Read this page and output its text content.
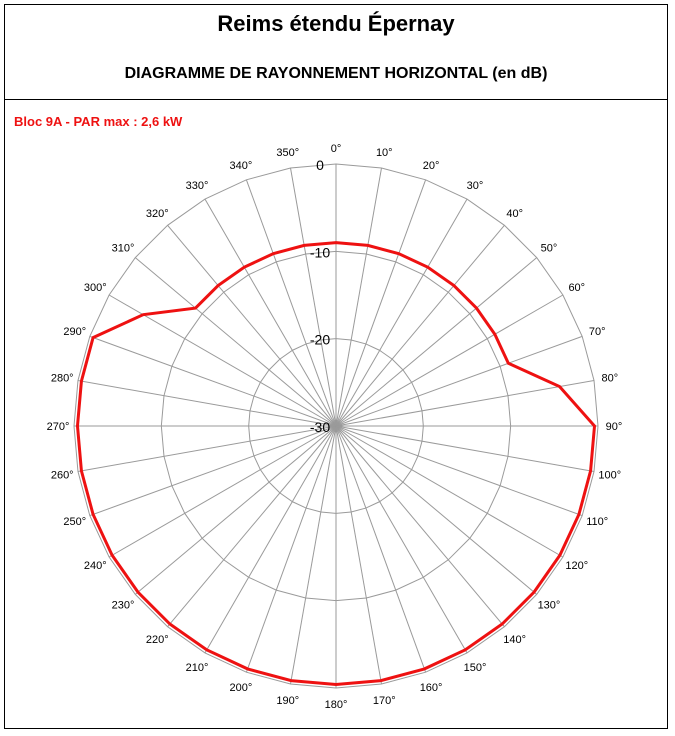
Reims étendu Épernay
DIAGRAMME DE RAYONNEMENT HORIZONTAL (en dB)
Bloc 9A - PAR max : 2,6 kW
0°	10°
20°
30°
40°
50°
60°
70°
80°
90°
100°
110°
120°
130°
140°
150°
160°
170°
180°
190°
200°
210°
220°
230°
240°
250°
260°
270°
280°
290°
300°
310°
320°
330°
340°
350°
0
-10
-20
-30
